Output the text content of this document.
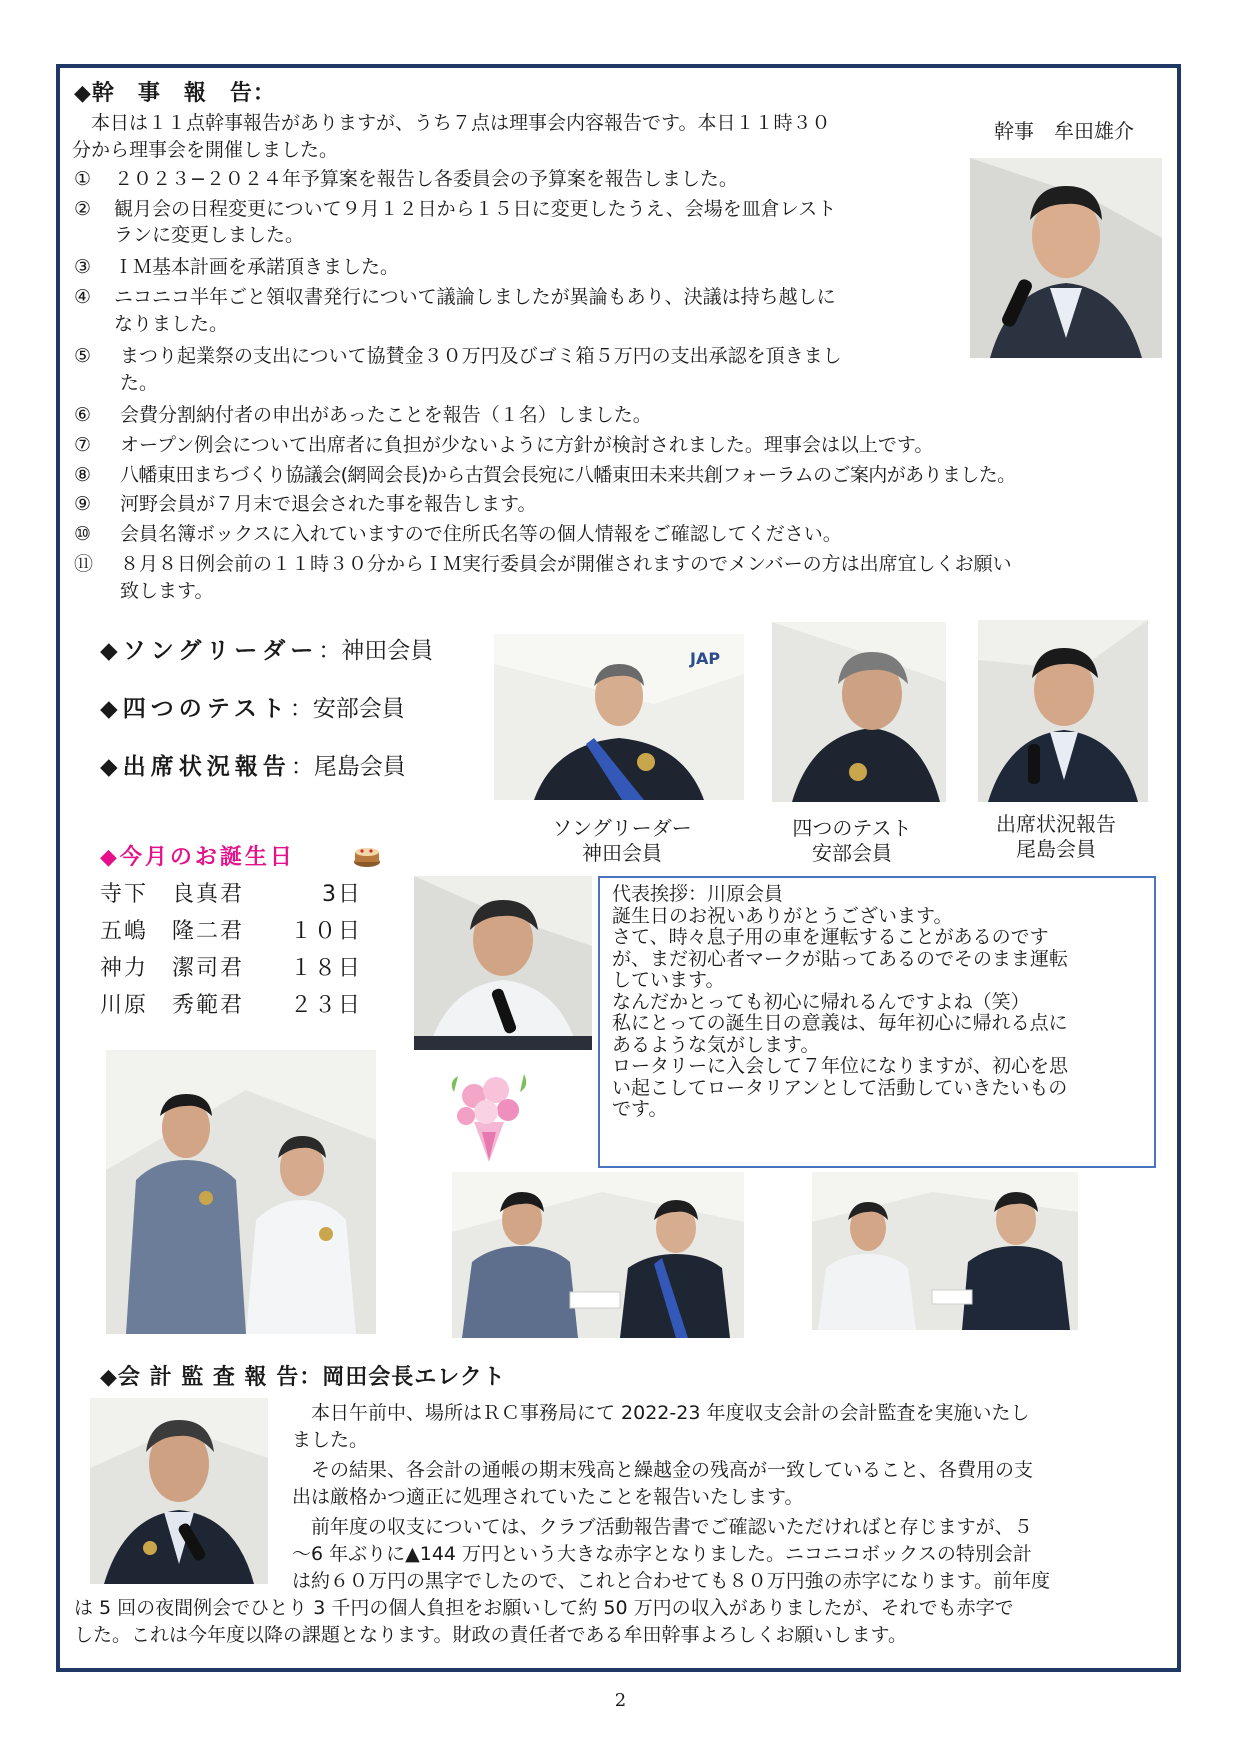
◆幹　事　報　告：
幹事　牟田雄介
　本日は１１点幹事報告がありますが、うち７点は理事会内容報告です。本日１１時３０
分から理事会を開催しました。
① ２０２３−２０２４年予算案を報告し各委員会の予算案を報告しました。
② 観月会の日程変更について９月１２日から１５日に変更したうえ、会場を皿倉レスト
ランに変更しました。
③ ＩＭ基本計画を承諾頂きました。
④ ニコニコ半年ごと領収書発行について議論しましたが異論もあり、決議は持ち越しに
なりました。
⑤ まつり起業祭の支出について協賛金３０万円及びゴミ箱５万円の支出承認を頂きまし
た。
⑥ 会費分割納付者の申出があったことを報告（１名）しました。
⑦ オープン例会について出席者に負担が少ないように方針が検討されました。理事会は以上です。
⑧ 八幡東田まちづくり協議会(網岡会長)から古賀会長宛に八幡東田未来共創フォーラムのご案内がありました。
⑨ 河野会員が７月末で退会された事を報告します。
⑩ 会員名簿ボックスに入れていますので住所氏名等の個人情報をご確認してください。
⑪ ８月８日例会前の１１時３０分からＩＭ実行委員会が開催されますのでメンバーの方は出席宜しくお願い
致します。
◆ソングリーダー：神田会員
◆四つのテスト：安部会員
◆出席状況報告：尾島会員
JAP
ソングリーダー
神田会員
四つのテスト
安部会員
出席状況報告
尾島会員
◆今月のお誕生日
寺下　良真君	3日
五嶋　隆二君	１０日
神力　潔司君	１８日
川原　秀範君	２３日
代表挨拶：川原会員
誕生日のお祝いありがとうございます。
さて、時々息子用の車を運転することがあるのです
が、まだ初心者マークが貼ってあるのでそのまま運転
しています。
なんだかとっても初心に帰れるんですよね（笑）
私にとっての誕生日の意義は、毎年初心に帰れる点に
あるような気がします。
ロータリーに入会して７年位になりますが、初心を思
い起こしてロータリアンとして活動していきたいもの
です。
◆会 計 監 査 報 告：岡田会長エレクト
　本日午前中、場所はＲＣ事務局にて 2022-23 年度収支会計の会計監査を実施いたし
ました。
　その結果、各会計の通帳の期末残高と繰越金の残高が一致していること、各費用の支
出は厳格かつ適正に処理されていたことを報告いたします。
　前年度の収支については、クラブ活動報告書でご確認いただければと存じますが、５
〜6 年ぶりに▲144 万円という大きな赤字となりました。ニコニコボックスの特別会計
は約６０万円の黒字でしたので、これと合わせても８０万円強の赤字になります。前年度
は 5 回の夜間例会でひとり 3 千円の個人負担をお願いして約 50 万円の収入がありましたが、それでも赤字で
した。これは今年度以降の課題となります。財政の責任者である牟田幹事よろしくお願いします。
2
